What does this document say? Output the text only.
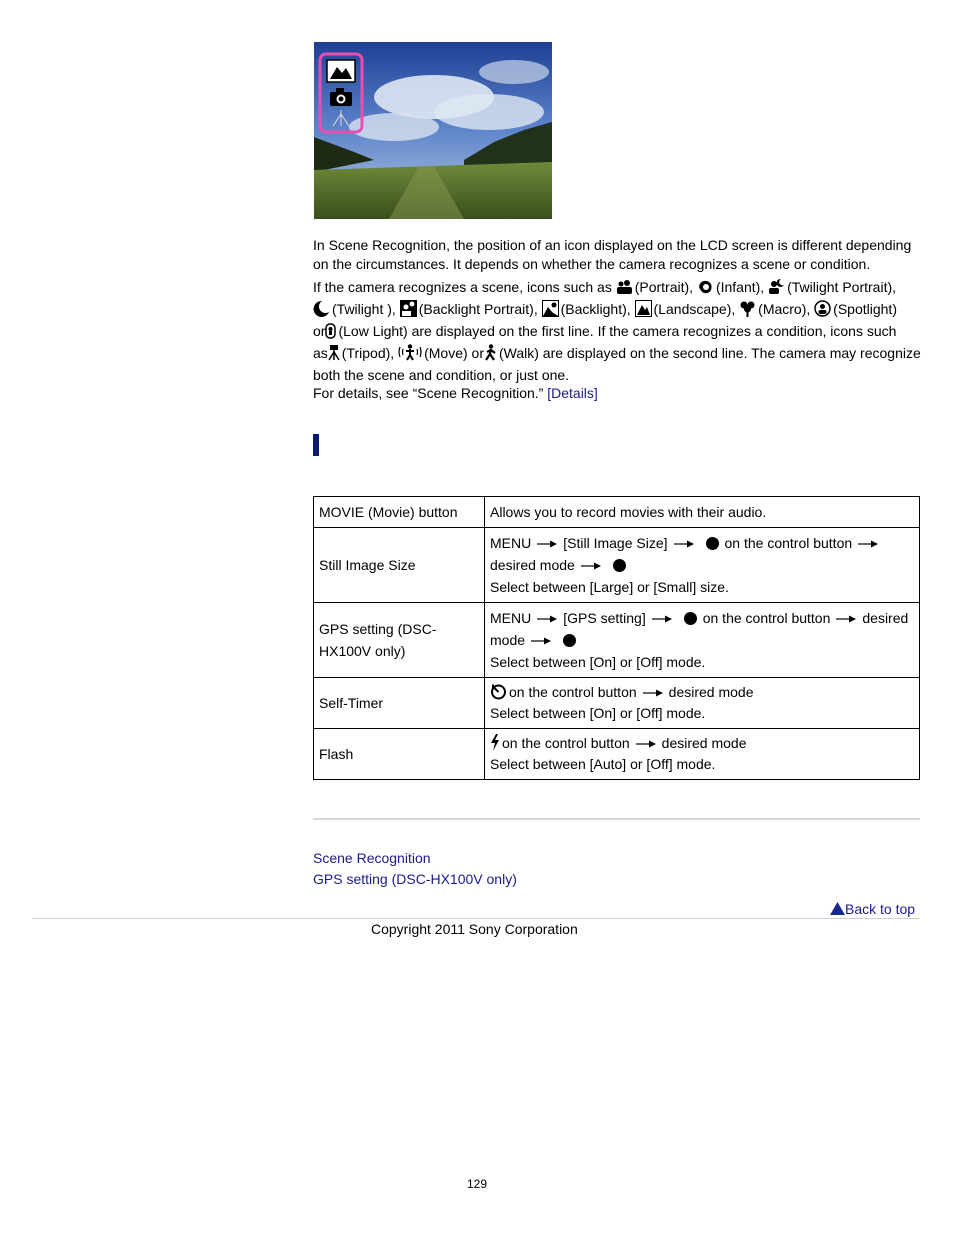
In Scene Recognition, the position of an icon displayed on the LCD screen is different depending on the circumstances. It depends on whether the camera recognizes a scene or condition.

If the camera recognizes a scene, icons such as
(Portrait), (Infant), (Twilight Portrait),

(Twilight ), (Backlight Portrait), (Backlight), (Landscape), (Macro), (Spotlight)
or (Low Light) are displayed on the first line. If the camera recognizes a condition, icons such
as (Tripod), (Move) or (Walk) are displayed on the second line. The camera may recognize both the scene and condition, or just one.

For details, see “Scene Recognition.” [Details]
MOVIE (Movie) button	Allows you to record movies with their audio.
Still Image Size	MENU [Still Image Size] on the control button
desired mode
Select between [Large] or [Small] size.
GPS setting (DSC-HX100V only)	MENU [GPS setting] on the control button desired
mode
Select between [On] or [Off] mode.
Self-Timer	on the control button desired mode
Select between [On] or [Off] mode.
Flash	on the control button desired mode
Select between [Auto] or [Off] mode.
Scene Recognition
GPS setting (DSC-HX100V only)
Back to top
Copyright 2011 Sony Corporation
129
